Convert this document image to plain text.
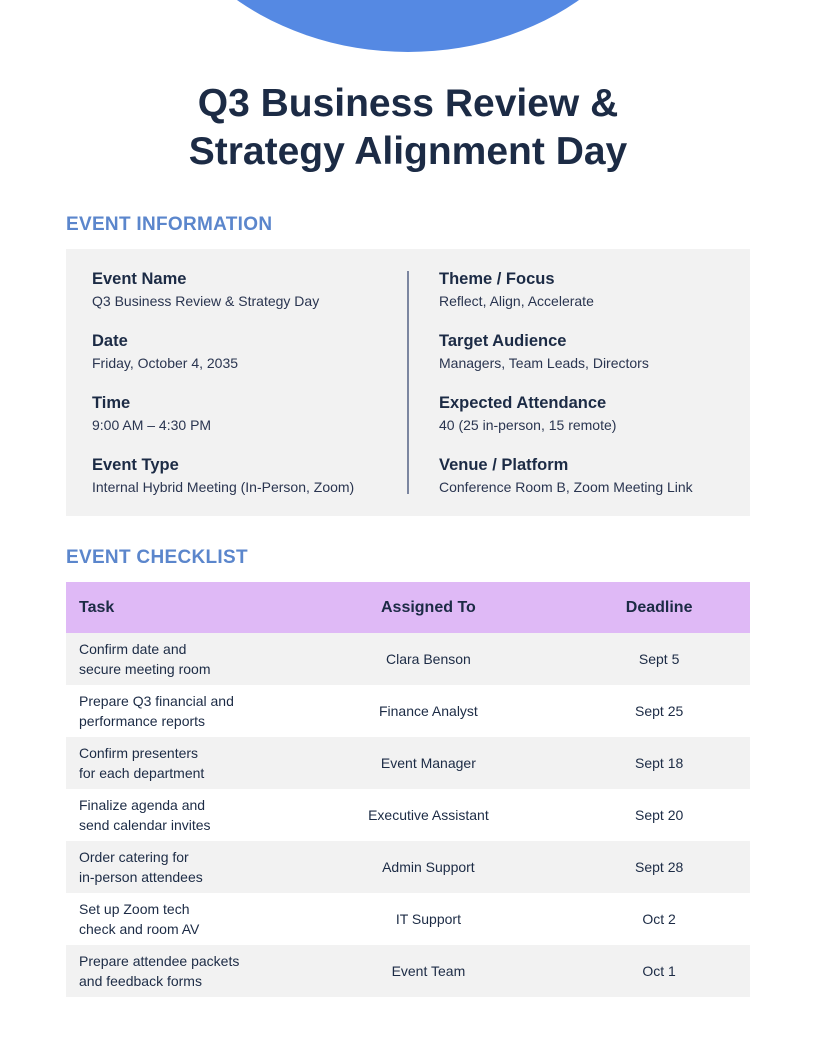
Q3 Business Review &
Strategy Alignment Day
EVENT INFORMATION
Event Name
Q3 Business Review & Strategy Day
Date
Friday, October 4, 2035
Time
9:00 AM – 4:30 PM
Event Type
Internal Hybrid Meeting (In-Person, Zoom)
Theme / Focus
Reflect, Align, Accelerate
Target Audience
Managers, Team Leads, Directors
Expected Attendance
40 (25 in-person, 15 remote)
Venue / Platform
Conference Room B, Zoom Meeting Link
EVENT CHECKLIST
Task	Assigned To	Deadline
Confirm date and
secure meeting room	Clara Benson	Sept 5
Prepare Q3 financial and
performance reports	Finance Analyst	Sept 25
Confirm presenters
for each department	Event Manager	Sept 18
Finalize agenda and
send calendar invites	Executive Assistant	Sept 20
Order catering for
in-person attendees	Admin Support	Sept 28
Set up Zoom tech
check and room AV	IT Support	Oct 2
Prepare attendee packets
and feedback forms	Event Team	Oct 1
